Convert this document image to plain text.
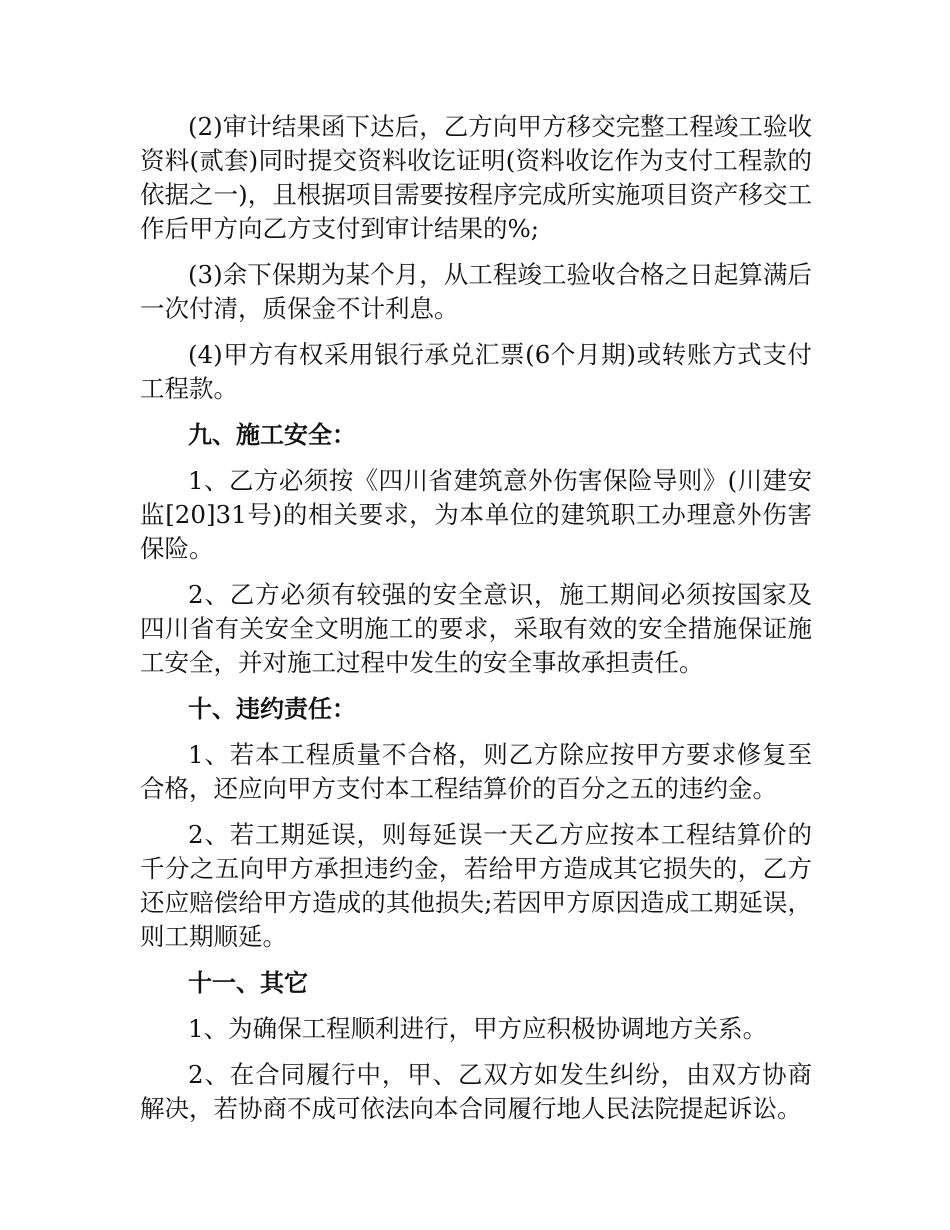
(2)审计结果函下达后，乙方向甲方移交完整工程竣工验收资料(贰套)同时提交资料收讫证明(资料收讫作为支付工程款的依据之一)，且根据项目需要按程序完成所实施项目资产移交工作后甲方向乙方支付到审计结果的%;

(3)余下保期为某个月，从工程竣工验收合格之日起算满后一次付清，质保金不计利息。

(4)甲方有权采用银行承兑汇票(6个月期)或转账方式支付工程款。

九、施工安全：

1、乙方必须按《四川省建筑意外伤害保险导则》(川建安监[20]31号)的相关要求，为本单位的建筑职工办理意外伤害保险。

2、乙方必须有较强的安全意识，施工期间必须按国家及四川省有关安全文明施工的要求，采取有效的安全措施保证施工安全，并对施工过程中发生的安全事故承担责任。

十、违约责任：

1、若本工程质量不合格，则乙方除应按甲方要求修复至合格，还应向甲方支付本工程结算价的百分之五的违约金。

2、若工期延误，则每延误一天乙方应按本工程结算价的千分之五向甲方承担违约金，若给甲方造成其它损失的，乙方还应赔偿给甲方造成的其他损失;若因甲方原因造成工期延误，则工期顺延。

十一、其它

1、为确保工程顺利进行，甲方应积极协调地方关系。

2、在合同履行中，甲、乙双方如发生纠纷，由双方协商解决，若协商不成可依法向本合同履行地人民法院提起诉讼。
